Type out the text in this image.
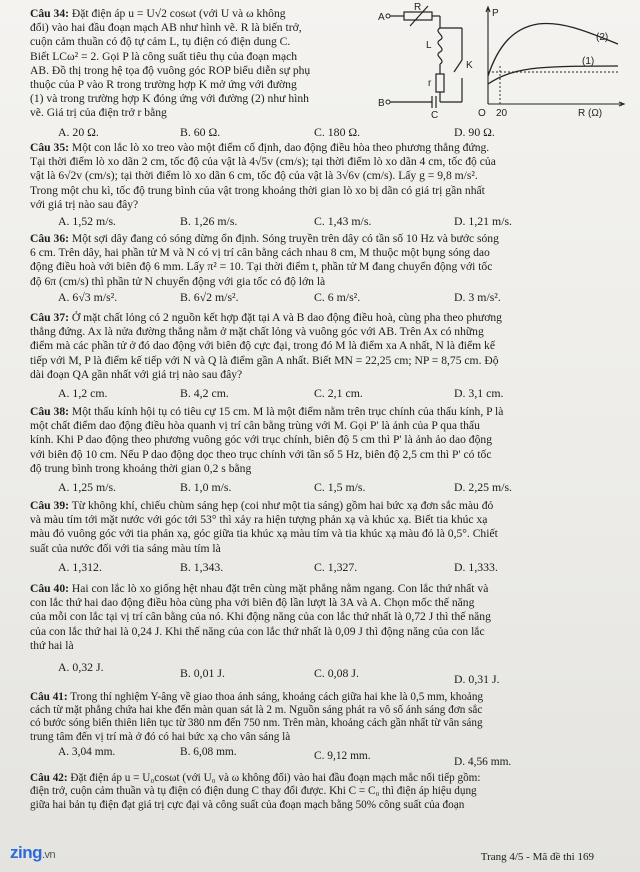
Câu 34: Đặt điện áp u = U√2 cosωt (với U và ω không
đổi) vào hai đầu đoạn mạch AB như hình vẽ. R là biến trở,
cuộn cảm thuần có độ tự cảm L, tụ điện có điện dung C.
Biết LCω² = 2. Gọi P là công suất tiêu thụ của đoạn mạch
AB. Đồ thị trong hệ tọa độ vuông góc ROP biểu diễn sự phụ
thuộc của P vào R trong trường hợp K mở ứng với đường
(1) và trong trường hợp K đóng ứng với đường (2) như hình
vẽ. Giá trị của điện trở r bằng
A. 20 Ω.	B. 60 Ω.	C. 180 Ω.	D. 90 Ω.
A
B
R
L
r
C
K
P
O 20	R (Ω)
(2)
(1)
Câu 35: Một con lắc lò xo treo vào một điểm cố định, dao động điều hòa theo phương thẳng đứng.
Tại thời điểm lò xo dãn 2 cm, tốc độ của vật là 4√5v (cm/s); tại thời điểm lò xo dãn 4 cm, tốc độ của
vật là 6√2v (cm/s); tại thời điểm lò xo dãn 6 cm, tốc độ của vật là 3√6v (cm/s). Lấy g = 9,8 m/s².
Trong một chu kì, tốc độ trung bình của vật trong khoảng thời gian lò xo bị dãn có giá trị gần nhất
với giá trị nào sau đây?
A. 1,52 m/s.	B. 1,26 m/s.	C. 1,43 m/s.	D. 1,21 m/s.
Câu 36: Một sợi dây đang có sóng dừng ổn định. Sóng truyền trên dây có tần số 10 Hz và bước sóng
6 cm. Trên dây, hai phần tử M và N có vị trí cân bằng cách nhau 8 cm, M thuộc một bụng sóng dao
động điều hoà với biên độ 6 mm. Lấy π² = 10. Tại thời điểm t, phần tử M đang chuyển động với tốc
độ 6π (cm/s) thì phần tử N chuyển động với gia tốc có độ lớn là
A. 6√3 m/s².	B. 6√2 m/s².	C. 6 m/s².	D. 3 m/s².
Câu 37: Ở mặt chất lỏng có 2 nguồn kết hợp đặt tại A và B dao động điều hoà, cùng pha theo phương
thẳng đứng. Ax là nửa đường thẳng nằm ở mặt chất lỏng và vuông góc với AB. Trên Ax có những
điểm mà các phần tử ở đó dao động với biên độ cực đại, trong đó M là điểm xa A nhất, N là điểm kế
tiếp với M, P là điểm kế tiếp với N và Q là điểm gần A nhất. Biết MN = 22,25 cm; NP = 8,75 cm. Độ
dài đoạn QA gần nhất với giá trị nào sau đây?
A. 1,2 cm.	B. 4,2 cm.	C. 2,1 cm.	D. 3,1 cm.
Câu 38: Một thấu kính hội tụ có tiêu cự 15 cm. M là một điểm nằm trên trục chính của thấu kính, P là
một chất điểm dao động điều hòa quanh vị trí cân bằng trùng với M. Gọi P' là ảnh của P qua thấu
kính. Khi P dao động theo phương vuông góc với trục chính, biên độ 5 cm thì P' là ảnh ảo dao động
với biên độ 10 cm. Nếu P dao động dọc theo trục chính với tần số 5 Hz, biên độ 2,5 cm thì P' có tốc
độ trung bình trong khoảng thời gian 0,2 s bằng
A. 1,25 m/s.	B. 1,0 m/s.	C. 1,5 m/s.	D. 2,25 m/s.
Câu 39: Từ không khí, chiếu chùm sáng hẹp (coi như một tia sáng) gồm hai bức xạ đơn sắc màu đỏ
và màu tím tới mặt nước với góc tới 53° thì xảy ra hiện tượng phản xạ và khúc xạ. Biết tia khúc xạ
màu đỏ vuông góc với tia phản xạ, góc giữa tia khúc xạ màu tím và tia khúc xạ màu đỏ là 0,5°. Chiết
suất của nước đối với tia sáng màu tím là
A. 1,312.	B. 1,343.	C. 1,327.	D. 1,333.
Câu 40: Hai con lắc lò xo giống hệt nhau đặt trên cùng mặt phẳng nằm ngang. Con lắc thứ nhất và
con lắc thứ hai dao động điều hòa cùng pha với biên độ lần lượt là 3A và A. Chọn mốc thế năng
của mỗi con lắc tại vị trí cân bằng của nó. Khi động năng của con lắc thứ nhất là 0,72 J thì thế năng
của con lắc thứ hai là 0,24 J. Khi thế năng của con lắc thứ nhất là 0,09 J thì động năng của con lắc
thứ hai là
A. 0,32 J.	B. 0,01 J.	C. 0,08 J.	D. 0,31 J.
Câu 41: Trong thí nghiệm Y-âng về giao thoa ánh sáng, khoảng cách giữa hai khe là 0,5 mm, khoảng
cách từ mặt phẳng chứa hai khe đến màn quan sát là 2 m. Nguồn sáng phát ra vô số ánh sáng đơn sắc
có bước sóng biến thiên liên tục từ 380 nm đến 750 nm. Trên màn, khoảng cách gần nhất từ vân sáng
trung tâm đến vị trí mà ở đó có hai bức xạ cho vân sáng là
A. 3,04 mm.	B. 6,08 mm.	C. 9,12 mm.	D. 4,56 mm.
Câu 42: Đặt điện áp u = U₀cosωt (với U₀ và ω không đổi) vào hai đầu đoạn mạch mắc nối tiếp gồm:
điện trở, cuộn cảm thuần và tụ điện có điện dung C thay đổi được. Khi C = C₀ thì điện áp hiệu dụng
giữa hai bản tụ điện đạt giá trị cực đại và công suất của đoạn mạch bằng 50% công suất của đoạn
zing.vn	Trang 4/5 - Mã đề thi 169
